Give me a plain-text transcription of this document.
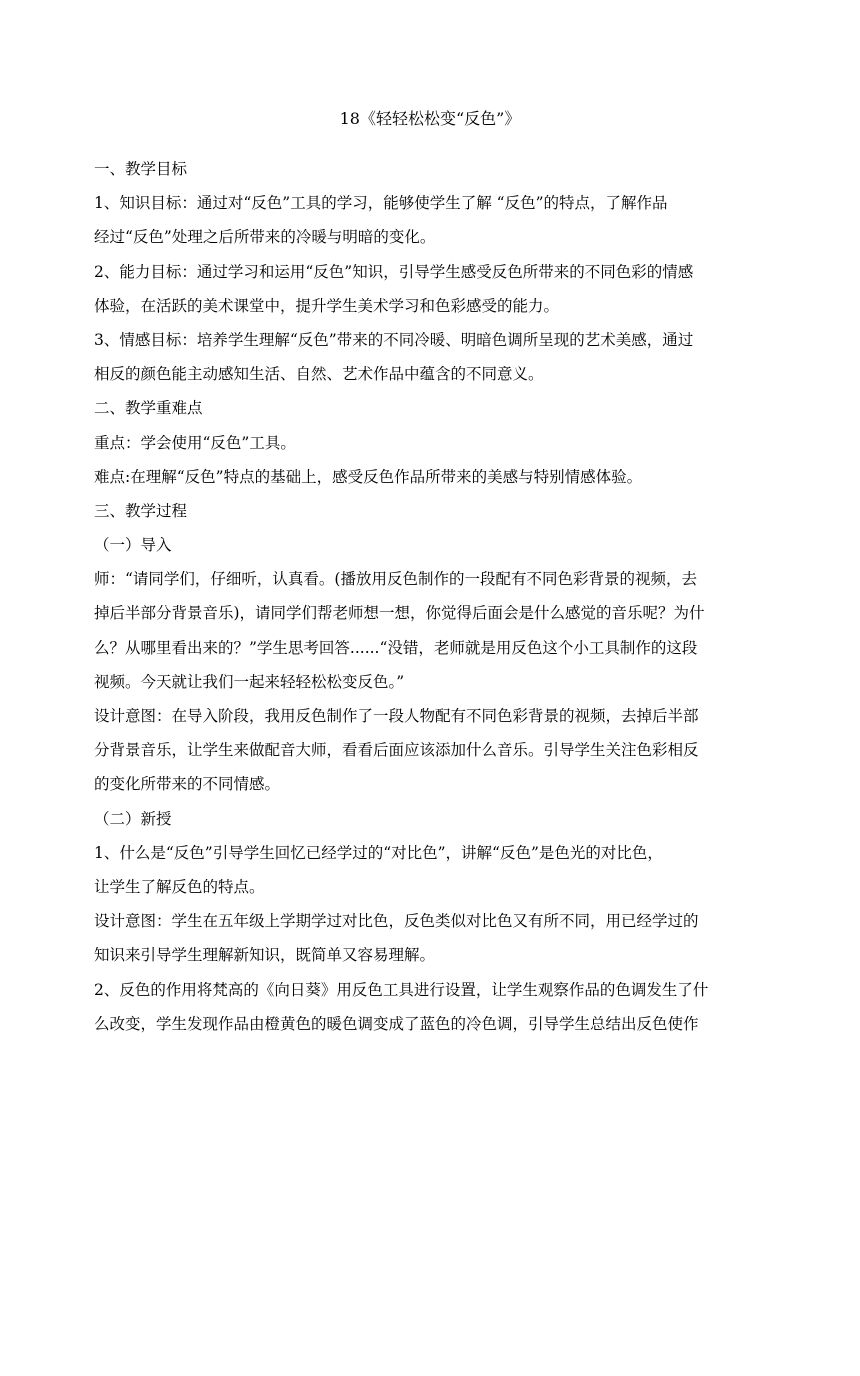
18《轻轻松松变“反色”》
一、教学目标
1、知识目标：通过对“反色”工具的学习，能够使学生了解 “反色”的特点，了解作品
经过“反色”处理之后所带来的冷暖与明暗的变化。
2、能力目标：通过学习和运用“反色”知识，引导学生感受反色所带来的不同色彩的情感
体验，在活跃的美术课堂中，提升学生美术学习和色彩感受的能力。
3、情感目标：培养学生理解“反色”带来的不同冷暖、明暗色调所呈现的艺术美感，通过
相反的颜色能主动感知生活、自然、艺术作品中蕴含的不同意义。
二、教学重难点
重点：学会使用“反色”工具。
难点:在理解“反色”特点的基础上，感受反色作品所带来的美感与特别情感体验。
三、教学过程
（一）导入
师：“请同学们，仔细听，认真看。(播放用反色制作的一段配有不同色彩背景的视频，去
掉后半部分背景音乐)，请同学们帮老师想一想，你觉得后面会是什么感觉的音乐呢？为什
么？从哪里看出来的？”学生思考回答......“没错，老师就是用反色这个小工具制作的这段
视频。今天就让我们一起来轻轻松松变反色。”
设计意图：在导入阶段，我用反色制作了一段人物配有不同色彩背景的视频，去掉后半部
分背景音乐，让学生来做配音大师，看看后面应该添加什么音乐。引导学生关注色彩相反
的变化所带来的不同情感。
（二）新授
1、什么是“反色”引导学生回忆已经学过的“对比色”，讲解“反色”是色光的对比色，
让学生了解反色的特点。
设计意图：学生在五年级上学期学过对比色，反色类似对比色又有所不同，用已经学过的
知识来引导学生理解新知识，既简单又容易理解。
2、反色的作用将梵高的《向日葵》用反色工具进行设置，让学生观察作品的色调发生了什
么改变，学生发现作品由橙黄色的暖色调变成了蓝色的冷色调，引导学生总结出反色使作
